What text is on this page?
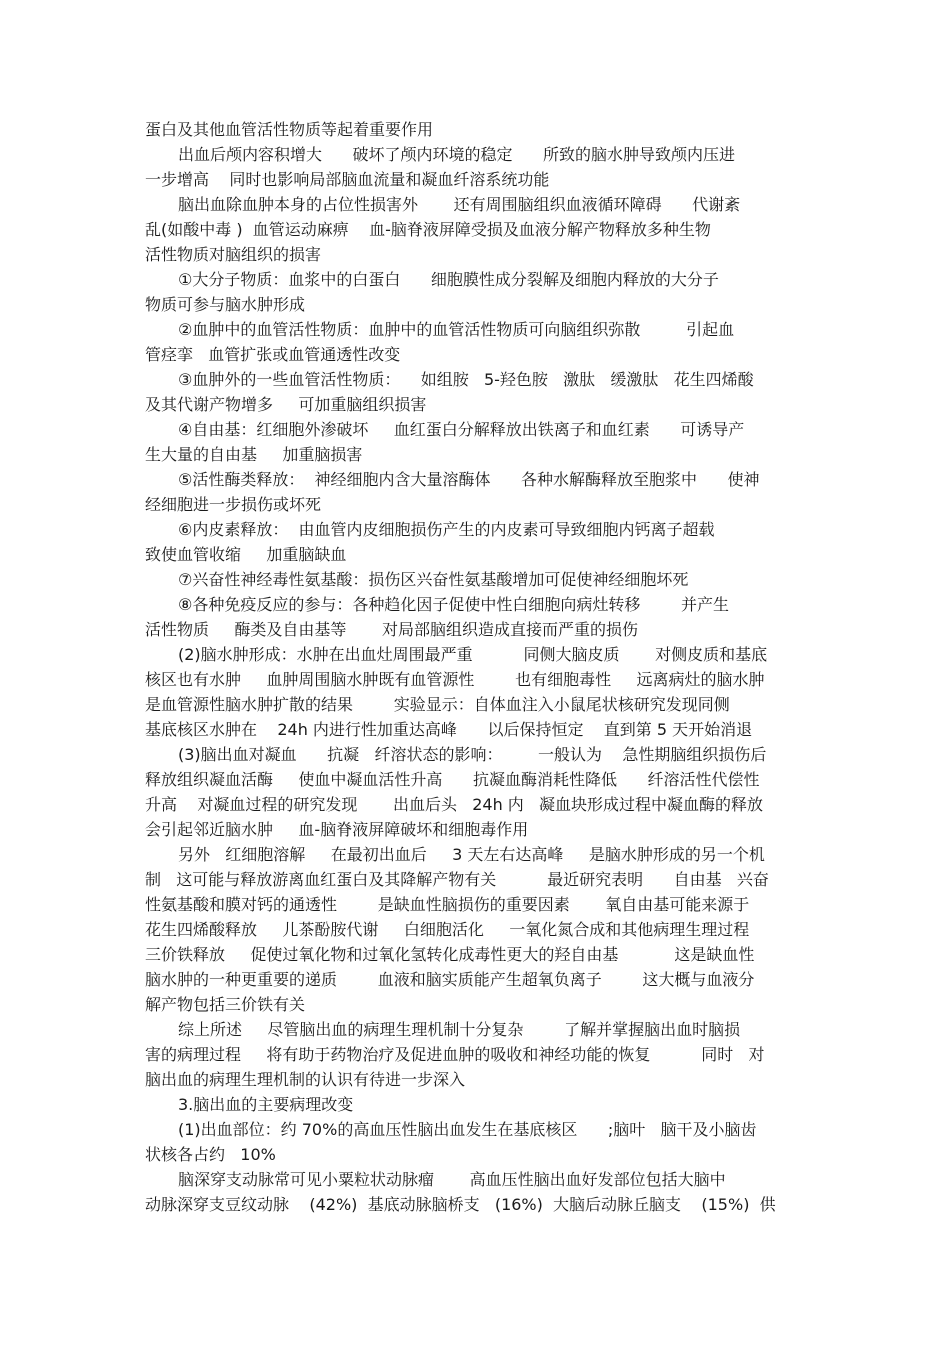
蛋白及其他血管活性物质等起着重要作用
出血后颅内容积增大      破坏了颅内环境的稳定      所致的脑水肿导致颅内压进
一步增高    同时也影响局部脑血流量和凝血纤溶系统功能
脑出血除血肿本身的占位性损害外       还有周围脑组织血液循环障碍      代谢紊
乱(如酸中毒 )  血管运动麻痹    血-脑脊液屏障受损及血液分解产物释放多种生物
活性物质对脑组织的损害
①大分子物质：血浆中的白蛋白      细胞膜性成分裂解及细胞内释放的大分子
物质可参与脑水肿形成
②血肿中的血管活性物质：血肿中的血管活性物质可向脑组织弥散         引起血
管痉挛   血管扩张或血管通透性改变
③血肿外的一些血管活性物质：    如组胺   5-羟色胺   激肽   缓激肽   花生四烯酸
及其代谢产物增多     可加重脑组织损害
④自由基：红细胞外渗破坏     血红蛋白分解释放出铁离子和血红素      可诱导产
生大量的自由基     加重脑损害
⑤活性酶类释放：  神经细胞内含大量溶酶体      各种水解酶释放至胞浆中      使神
经细胞进一步损伤或坏死
⑥内皮素释放：  由血管内皮细胞损伤产生的内皮素可导致细胞内钙离子超载
致使血管收缩     加重脑缺血
⑦兴奋性神经毒性氨基酸：损伤区兴奋性氨基酸增加可促使神经细胞坏死
⑧各种免疫反应的参与：各种趋化因子促使中性白细胞向病灶转移        并产生
活性物质     酶类及自由基等       对局部脑组织造成直接而严重的损伤
(2)脑水肿形成：水肿在出血灶周围最严重          同侧大脑皮质       对侧皮质和基底
核区也有水肿     血肿周围脑水肿既有血管源性        也有细胞毒性     远离病灶的脑水肿
是血管源性脑水肿扩散的结果        实验显示：自体血注入小鼠尾状核研究发现同侧
基底核区水肿在    24h 内进行性加重达高峰      以后保持恒定    直到第 5 天开始消退
(3)脑出血对凝血      抗凝   纤溶状态的影响：       一般认为    急性期脑组织损伤后
释放组织凝血活酶     使血中凝血活性升高      抗凝血酶消耗性降低      纤溶活性代偿性
升高    对凝血过程的研究发现       出血后头   24h 内   凝血块形成过程中凝血酶的释放
会引起邻近脑水肿     血-脑脊液屏障破坏和细胞毒作用
另外   红细胞溶解     在最初出血后     3 天左右达高峰     是脑水肿形成的另一个机
制   这可能与释放游离血红蛋白及其降解产物有关          最近研究表明      自由基   兴奋
性氨基酸和膜对钙的通透性        是缺血性脑损伤的重要因素       氧自由基可能来源于
花生四烯酸释放     儿茶酚胺代谢     白细胞活化     一氧化氮合成和其他病理生理过程
三价铁释放     促使过氧化物和过氧化氢转化成毒性更大的羟自由基           这是缺血性
脑水肿的一种更重要的递质        血液和脑实质能产生超氧负离子        这大概与血液分
解产物包括三价铁有关
综上所述     尽管脑出血的病理生理机制十分复杂        了解并掌握脑出血时脑损
害的病理过程     将有助于药物治疗及促进血肿的吸收和神经功能的恢复          同时   对
脑出血的病理生理机制的认识有待进一步深入
3.脑出血的主要病理改变
(1)出血部位：约 70%的高血压性脑出血发生在基底核区      ;脑叶   脑干及小脑齿
状核各占约   10%
脑深穿支动脉常可见小粟粒状动脉瘤       高血压性脑出血好发部位包括大脑中
动脉深穿支豆纹动脉    (42%)  基底动脉脑桥支   (16%)  大脑后动脉丘脑支    (15%)  供
